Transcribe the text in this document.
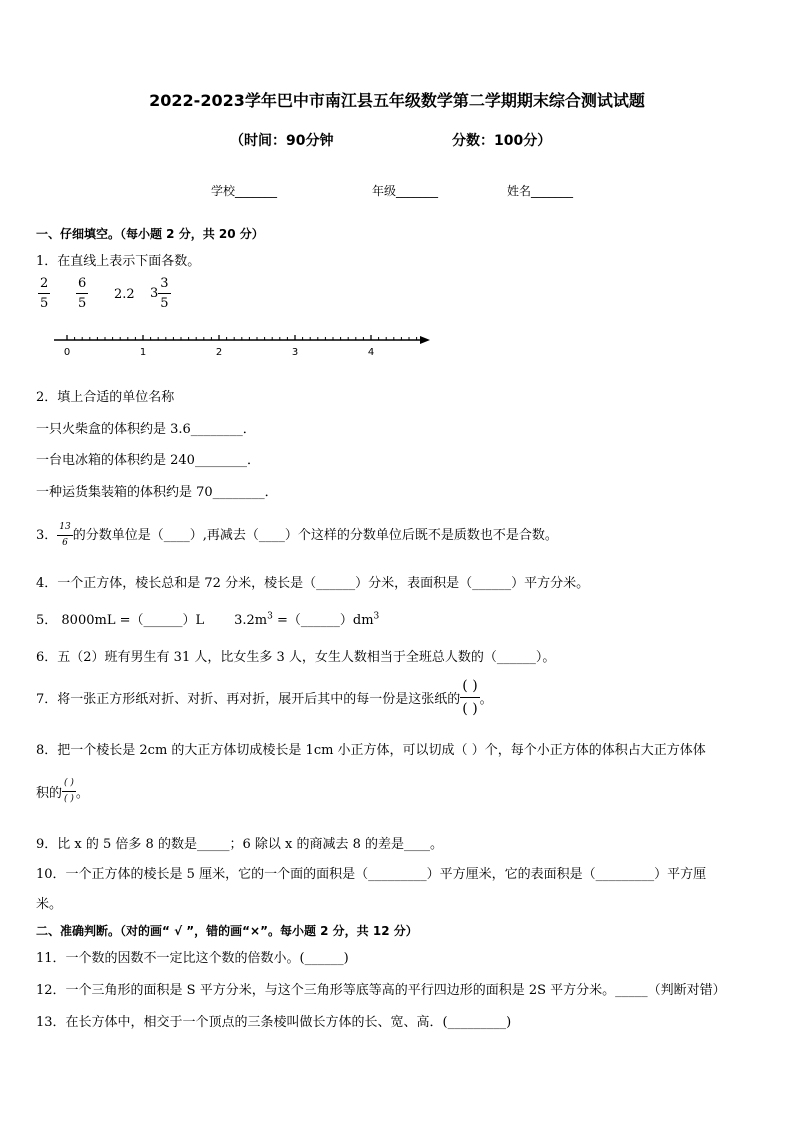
2022-2023学年巴中市南江县五年级数学第二学期期末综合测试试题
（时间：90分钟	分数：100分）
学校_______	年级_______	姓名_______
一、仔细填空。（每小题 2 分，共 20 分）
1．在直线上表示下面各数。
$\frac{2}{5} \frac{6}{5} 2.2$ $3 \frac{3}{5}$
0	1	2	3	4
2．填上合适的单位名称
一只火柴盒的体积约是 3.6________．
一台电冰箱的体积约是 240________．
一种运货集装箱的体积约是 70________．
3． $\frac{13}{6}$ 的分数单位是（____）,再减去（____）个这样的分数单位后既不是质数也不是合数。
4．一个正方体，棱长总和是 72 分米，棱长是（______）分米，表面积是（______）平方分米。
5． 8000mL =（______）L $3.2m^3$ $=(\_\_\_\_\_\_)dm^3$
6．五（2）班有男生有 31 人，比女生多 3 人，女生人数相当于全班总人数的（______）。
7．将一张正方形纸对折、对折、再对折，展开后其中的每一份是这张纸的
( )
( )
。
8．把一个棱长是 2cm 的大正方体切成棱长是 1cm 小正方体，可以切成（ ）个，每个小正方体的体积占大正方体体
积的 $\frac{( )}{( )}$ 。
9．比 x 的 5 倍多 8 的数是_____；6 除以 x 的商减去 8 的差是____。
10．一个正方体的棱长是 5 厘米，它的一个面的面积是（_________）平方厘米，它的表面积是（_________）平方厘
米。
二、准确判断。（对的画“ √ ”，错的画“×”。每小题 2 分，共 12 分）
11．一个数的因数不一定比这个数的倍数小。(______)
12．一个三角形的面积是 S 平方分米，与这个三角形等底等高的平行四边形的面积是 2S 平方分米。_____（判断对错）
13．在长方体中，相交于一个顶点的三条棱叫做长方体的长、宽、高．(_________)
